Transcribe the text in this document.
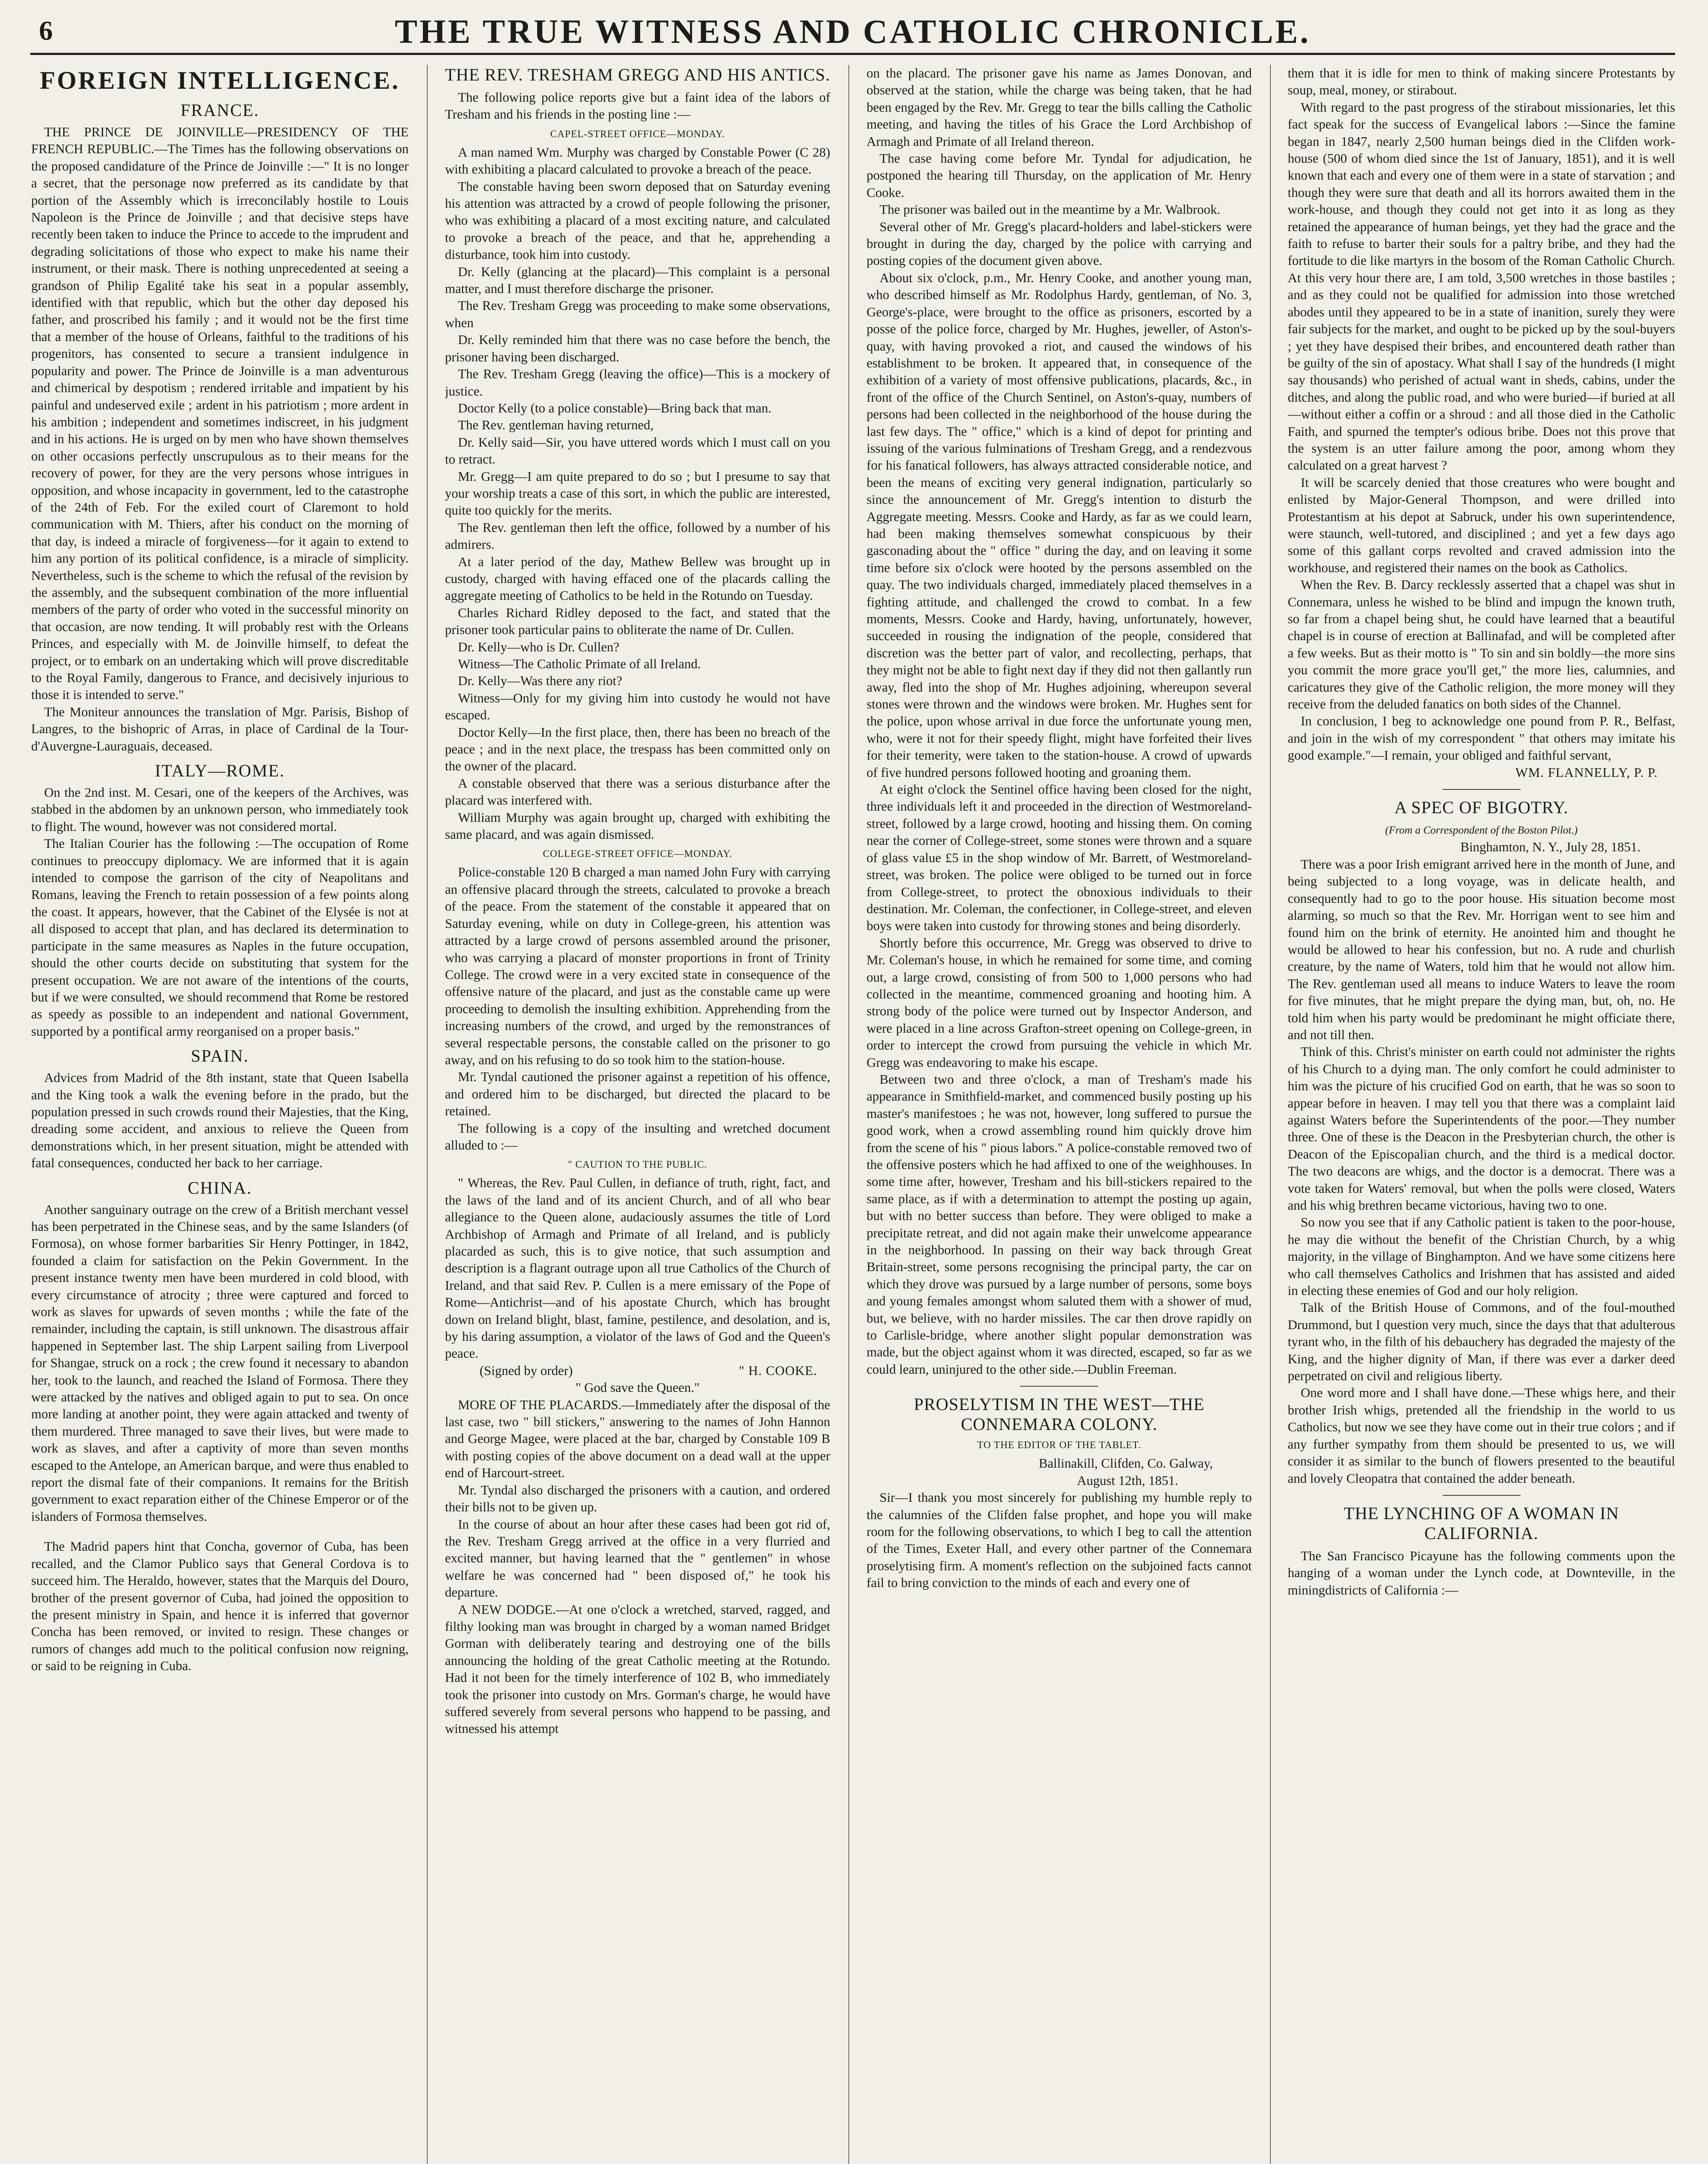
THE TRUE WITNESS AND CATHOLIC CHRONICLE.
6
FOREIGN INTELLIGENCE.
FRANCE.

THE PRINCE DE JOINVILLE—PRESIDENCY OF THE FRENCH REPUBLIC.—The Times has the following observations on the proposed candidature of the Prince de Joinville :—" It is no longer a secret, that the personage now preferred as its candidate by that portion of the Assembly which is irreconcilably hostile to Louis Napoleon is the Prince de Joinville ; and that decisive steps have recently been taken to induce the Prince to accede to the imprudent and degrading solicitations of those who expect to make his name their instrument, or their mask. There is nothing unprecedented at seeing a grandson of Philip Egalité take his seat in a popular assembly, identified with that republic, which but the other day deposed his father, and proscribed his family ; and it would not be the first time that a member of the house of Orleans, faithful to the traditions of his progenitors, has consented to secure a transient indulgence in popularity and power. The Prince de Joinville is a man adventurous and chimerical by despotism ; rendered irritable and impatient by his painful and undeserved exile ; ardent in his patriotism ; more ardent in his ambition ; independent and sometimes indiscreet, in his judgment and in his actions. He is urged on by men who have shown themselves on other occasions perfectly unscrupulous as to their means for the recovery of power, for they are the very persons whose intrigues in opposition, and whose incapacity in government, led to the catastrophe of the 24th of Feb. For the exiled court of Claremont to hold communication with M. Thiers, after his conduct on the morning of that day, is indeed a miracle of forgiveness—for it again to extend to him any portion of its political confidence, is a miracle of simplicity. Nevertheless, such is the scheme to which the refusal of the revision by the assembly, and the subsequent combination of the more influential members of the party of order who voted in the successful minority on that occasion, are now tending. It will probably rest with the Orleans Princes, and especially with M. de Joinville himself, to defeat the project, or to embark on an undertaking which will prove discreditable to the Royal Family, dangerous to France, and decisively injurious to those it is intended to serve."

The Moniteur announces the translation of Mgr. Parisis, Bishop of Langres, to the bishopric of Arras, in place of Cardinal de la Tour-d'Auvergne-Lauraguais, deceased.

ITALY—ROME.

On the 2nd inst. M. Cesari, one of the keepers of the Archives, was stabbed in the abdomen by an unknown person, who immediately took to flight. The wound, however was not considered mortal.

The Italian Courier has the following :—The occupation of Rome continues to preoccupy diplomacy. We are informed that it is again intended to compose the garrison of the city of Neapolitans and Romans, leaving the French to retain possession of a few points along the coast. It appears, however, that the Cabinet of the Elysée is not at all disposed to accept that plan, and has declared its determination to participate in the same measures as Naples in the future occupation, should the other courts decide on substituting that system for the present occupation. We are not aware of the intentions of the courts, but if we were consulted, we should recommend that Rome be restored as speedy as possible to an independent and national Government, supported by a pontifical army reorganised on a proper basis."

SPAIN.

Advices from Madrid of the 8th instant, state that Queen Isabella and the King took a walk the evening before in the prado, but the population pressed in such crowds round their Majesties, that the King, dreading some accident, and anxious to relieve the Queen from demonstrations which, in her present situation, might be attended with fatal consequences, conducted her back to her carriage.

CHINA.

Another sanguinary outrage on the crew of a British merchant vessel has been perpetrated in the Chinese seas, and by the same Islanders (of Formosa), on whose former barbarities Sir Henry Pottinger, in 1842, founded a claim for satisfaction on the Pekin Government. In the present instance twenty men have been murdered in cold blood, with every circumstance of atrocity ; three were captured and forced to work as slaves for upwards of seven months ; while the fate of the remainder, including the captain, is still unknown. The disastrous affair happened in September last. The ship Larpent sailing from Liverpool for Shangae, struck on a rock ; the crew found it necessary to abandon her, took to the launch, and reached the Island of Formosa. There they were attacked by the natives and obliged again to put to sea. On once more landing at another point, they were again attacked and twenty of them murdered. Three managed to save their lives, but were made to work as slaves, and after a captivity of more than seven months escaped to the Antelope, an American barque, and were thus enabled to report the dismal fate of their companions. It remains for the British government to exact reparation either of the Chinese Emperor or of the islanders of Formosa themselves.

The Madrid papers hint that Concha, governor of Cuba, has been recalled, and the Clamor Publico says that General Cordova is to succeed him. The Heraldo, however, states that the Marquis del Douro, brother of the present governor of Cuba, had joined the opposition to the present ministry in Spain, and hence it is inferred that governor Concha has been removed, or invited to resign. These changes or rumors of changes add much to the political confusion now reigning, or said to be reigning in Cuba.

THE REV. TRESHAM GREGG AND HIS ANTICS.

The following police reports give but a faint idea of the labors of Tresham and his friends in the posting line :—

CAPEL-STREET OFFICE—MONDAY.

A man named Wm. Murphy was charged by Constable Power (C 28) with exhibiting a placard calculated to provoke a breach of the peace.

The constable having been sworn deposed that on Saturday evening his attention was attracted by a crowd of people following the prisoner, who was exhibiting a placard of a most exciting nature, and calculated to provoke a breach of the peace, and that he, apprehending a disturbance, took him into custody.

Dr. Kelly (glancing at the placard)—This complaint is a personal matter, and I must therefore discharge the prisoner.

The Rev. Tresham Gregg was proceeding to make some observations, when

Dr. Kelly reminded him that there was no case before the bench, the prisoner having been discharged.

The Rev. Tresham Gregg (leaving the office)—This is a mockery of justice.

Doctor Kelly (to a police constable)—Bring back that man.

The Rev. gentleman having returned,

Dr. Kelly said—Sir, you have uttered words which I must call on you to retract.

Mr. Gregg—I am quite prepared to do so ; but I presume to say that your worship treats a case of this sort, in which the public are interested, quite too quickly for the merits.

The Rev. gentleman then left the office, followed by a number of his admirers.

At a later period of the day, Mathew Bellew was brought up in custody, charged with having effaced one of the placards calling the aggregate meeting of Catholics to be held in the Rotundo on Tuesday.

Charles Richard Ridley deposed to the fact, and stated that the prisoner took particular pains to obliterate the name of Dr. Cullen.

Dr. Kelly—who is Dr. Cullen?

Witness—The Catholic Primate of all Ireland.

Dr. Kelly—Was there any riot?

Witness—Only for my giving him into custody he would not have escaped.

Doctor Kelly—In the first place, then, there has been no breach of the peace ; and in the next place, the trespass has been committed only on the owner of the placard.

A constable observed that there was a serious disturbance after the placard was interfered with.

William Murphy was again brought up, charged with exhibiting the same placard, and was again dismissed.

COLLEGE-STREET OFFICE—MONDAY.

Police-constable 120 B charged a man named John Fury with carrying an offensive placard through the streets, calculated to provoke a breach of the peace. From the statement of the constable it appeared that on Saturday evening, while on duty in College-green, his attention was attracted by a large crowd of persons assembled around the prisoner, who was carrying a placard of monster proportions in front of Trinity College. The crowd were in a very excited state in consequence of the offensive nature of the placard, and just as the constable came up were proceeding to demolish the insulting exhibition. Apprehending from the increasing numbers of the crowd, and urged by the remonstrances of several respectable persons, the constable called on the prisoner to go away, and on his refusing to do so took him to the station-house.

Mr. Tyndal cautioned the prisoner against a repetition of his offence, and ordered him to be discharged, but directed the placard to be retained.

The following is a copy of the insulting and wretched document alluded to :—

" CAUTION TO THE PUBLIC.

" Whereas, the Rev. Paul Cullen, in defiance of truth, right, fact, and the laws of the land and of its ancient Church, and of all who bear allegiance to the Queen alone, audaciously assumes the title of Lord Archbishop of Armagh and Primate of all Ireland, and is publicly placarded as such, this is to give notice, that such assumption and description is a flagrant outrage upon all true Catholics of the Church of Ireland, and that said Rev. P. Cullen is a mere emissary of the Pope of Rome—Antichrist—and of his apostate Church, which has brought down on Ireland blight, blast, famine, pestilence, and desolation, and is, by his daring assumption, a violator of the laws of God and the Queen's peace.

(Signed by order)	" H. COOKE.

" God save the Queen."

MORE OF THE PLACARDS.—Immediately after the disposal of the last case, two " bill stickers," answering to the names of John Hannon and George Magee, were placed at the bar, charged by Constable 109 B with posting copies of the above document on a dead wall at the upper end of Harcourt-street.

Mr. Tyndal also discharged the prisoners with a caution, and ordered their bills not to be given up.

In the course of about an hour after these cases had been got rid of, the Rev. Tresham Gregg arrived at the office in a very flurried and excited manner, but having learned that the " gentlemen" in whose welfare he was concerned had " been disposed of," he took his departure.

A NEW DODGE.—At one o'clock a wretched, starved, ragged, and filthy looking man was brought in charged by a woman named Bridget Gorman with deliberately tearing and destroying one of the bills announcing the holding of the great Catholic meeting at the Rotundo. Had it not been for the timely interference of 102 B, who immediately took the prisoner into custody on Mrs. Gorman's charge, he would have suffered severely from several persons who happend to be passing, and witnessed his attempt

on the placard. The prisoner gave his name as James Donovan, and observed at the station, while the charge was being taken, that he had been engaged by the Rev. Mr. Gregg to tear the bills calling the Catholic meeting, and having the titles of his Grace the Lord Archbishop of Armagh and Primate of all Ireland thereon.

The case having come before Mr. Tyndal for adjudication, he postponed the hearing till Thursday, on the application of Mr. Henry Cooke.

The prisoner was bailed out in the meantime by a Mr. Walbrook.

Several other of Mr. Gregg's placard-holders and label-stickers were brought in during the day, charged by the police with carrying and posting copies of the document given above.

About six o'clock, p.m., Mr. Henry Cooke, and another young man, who described himself as Mr. Rodolphus Hardy, gentleman, of No. 3, George's-place, were brought to the office as prisoners, escorted by a posse of the police force, charged by Mr. Hughes, jeweller, of Aston's-quay, with having provoked a riot, and caused the windows of his establishment to be broken. It appeared that, in consequence of the exhibition of a variety of most offensive publications, placards, &c., in front of the office of the Church Sentinel, on Aston's-quay, numbers of persons had been collected in the neighborhood of the house during the last few days. The " office," which is a kind of depot for printing and issuing of the various fulminations of Tresham Gregg, and a rendezvous for his fanatical followers, has always attracted considerable notice, and been the means of exciting very general indignation, particularly so since the announcement of Mr. Gregg's intention to disturb the Aggregate meeting. Messrs. Cooke and Hardy, as far as we could learn, had been making themselves somewhat conspicuous by their gasconading about the " office " during the day, and on leaving it some time before six o'clock were hooted by the persons assembled on the quay. The two individuals charged, immediately placed themselves in a fighting attitude, and challenged the crowd to combat. In a few moments, Messrs. Cooke and Hardy, having, unfortunately, however, succeeded in rousing the indignation of the people, considered that discretion was the better part of valor, and recollecting, perhaps, that they might not be able to fight next day if they did not then gallantly run away, fled into the shop of Mr. Hughes adjoining, whereupon several stones were thrown and the windows were broken. Mr. Hughes sent for the police, upon whose arrival in due force the unfortunate young men, who, were it not for their speedy flight, might have forfeited their lives for their temerity, were taken to the station-house. A crowd of upwards of five hundred persons followed hooting and groaning them.

At eight o'clock the Sentinel office having been closed for the night, three individuals left it and proceeded in the direction of Westmoreland-street, followed by a large crowd, hooting and hissing them. On coming near the corner of College-street, some stones were thrown and a square of glass value £5 in the shop window of Mr. Barrett, of Westmoreland-street, was broken. The police were obliged to be turned out in force from College-street, to protect the obnoxious individuals to their destination. Mr. Coleman, the confectioner, in College-street, and eleven boys were taken into custody for throwing stones and being disorderly.

Shortly before this occurrence, Mr. Gregg was observed to drive to Mr. Coleman's house, in which he remained for some time, and coming out, a large crowd, consisting of from 500 to 1,000 persons who had collected in the meantime, commenced groaning and hooting him. A strong body of the police were turned out by Inspector Anderson, and were placed in a line across Grafton-street opening on College-green, in order to intercept the crowd from pursuing the vehicle in which Mr. Gregg was endeavoring to make his escape.

Between two and three o'clock, a man of Tresham's made his appearance in Smithfield-market, and commenced busily posting up his master's manifestoes ; he was not, however, long suffered to pursue the good work, when a crowd assembling round him quickly drove him from the scene of his " pious labors." A police-constable removed two of the offensive posters which he had affixed to one of the weighhouses. In some time after, however, Tresham and his bill-stickers repaired to the same place, as if with a determination to attempt the posting up again, but with no better success than before. They were obliged to make a precipitate retreat, and did not again make their unwelcome appearance in the neighborhood. In passing on their way back through Great Britain-street, some persons recognising the principal party, the car on which they drove was pursued by a large number of persons, some boys and young females amongst whom saluted them with a shower of mud, but, we believe, with no harder missiles. The car then drove rapidly on to Carlisle-bridge, where another slight popular demonstration was made, but the object against whom it was directed, escaped, so far as we could learn, uninjured to the other side.—Dublin Freeman.

PROSELYTISM IN THE WEST—THE CONNEMARA COLONY.
TO THE EDITOR OF THE TABLET.

Ballinakill, Clifden, Co. Galway,

August 12th, 1851.

Sir—I thank you most sincerely for publishing my humble reply to the calumnies of the Clifden false prophet, and hope you will make room for the following observations, to which I beg to call the attention of the Times, Exeter Hall, and every other partner of the Connemara proselytising firm. A moment's reflection on the subjoined facts cannot fail to bring conviction to the minds of each and every one of

them that it is idle for men to think of making sincere Protestants by soup, meal, money, or stirabout.

With regard to the past progress of the stirabout missionaries, let this fact speak for the success of Evangelical labors :—Since the famine began in 1847, nearly 2,500 human beings died in the Clifden work-house (500 of whom died since the 1st of January, 1851), and it is well known that each and every one of them were in a state of starvation ; and though they were sure that death and all its horrors awaited them in the work-house, and though they could not get into it as long as they retained the appearance of human beings, yet they had the grace and the faith to refuse to barter their souls for a paltry bribe, and they had the fortitude to die like martyrs in the bosom of the Roman Catholic Church. At this very hour there are, I am told, 3,500 wretches in those bastiles ; and as they could not be qualified for admission into those wretched abodes until they appeared to be in a state of inanition, surely they were fair subjects for the market, and ought to be picked up by the soul-buyers ; yet they have despised their bribes, and encountered death rather than be guilty of the sin of apostacy. What shall I say of the hundreds (I might say thousands) who perished of actual want in sheds, cabins, under the ditches, and along the public road, and who were buried—if buried at all—without either a coffin or a shroud : and all those died in the Catholic Faith, and spurned the tempter's odious bribe. Does not this prove that the system is an utter failure among the poor, among whom they calculated on a great harvest ?

It will be scarcely denied that those creatures who were bought and enlisted by Major-General Thompson, and were drilled into Protestantism at his depot at Sabruck, under his own superintendence, were staunch, well-tutored, and disciplined ; and yet a few days ago some of this gallant corps revolted and craved admission into the workhouse, and registered their names on the book as Catholics.

When the Rev. B. Darcy recklessly asserted that a chapel was shut in Connemara, unless he wished to be blind and impugn the known truth, so far from a chapel being shut, he could have learned that a beautiful chapel is in course of erection at Ballinafad, and will be completed after a few weeks. But as their motto is " To sin and sin boldly—the more sins you commit the more grace you'll get," the more lies, calumnies, and caricatures they give of the Catholic religion, the more money will they receive from the deluded fanatics on both sides of the Channel.

In conclusion, I beg to acknowledge one pound from P. R., Belfast, and join in the wish of my correspondent " that others may imitate his good example."—I remain, your obliged and faithful servant,

WM. FLANNELLY, P. P.

A SPEC OF BIGOTRY.

(From a Correspondent of the Boston Pilot.)

Binghamton, N. Y., July 28, 1851.

There was a poor Irish emigrant arrived here in the month of June, and being subjected to a long voyage, was in delicate health, and consequently had to go to the poor house. His situation become most alarming, so much so that the Rev. Mr. Horrigan went to see him and found him on the brink of eternity. He anointed him and thought he would be allowed to hear his confession, but no. A rude and churlish creature, by the name of Waters, told him that he would not allow him. The Rev. gentleman used all means to induce Waters to leave the room for five minutes, that he might prepare the dying man, but, oh, no. He told him when his party would be predominant he might officiate there, and not till then.

Think of this. Christ's minister on earth could not administer the rights of his Church to a dying man. The only comfort he could administer to him was the picture of his crucified God on earth, that he was so soon to appear before in heaven. I may tell you that there was a complaint laid against Waters before the Superintendents of the poor.—They number three. One of these is the Deacon in the Presbyterian church, the other is Deacon of the Episcopalian church, and the third is a medical doctor. The two deacons are whigs, and the doctor is a democrat. There was a vote taken for Waters' removal, but when the polls were closed, Waters and his whig brethren became victorious, having two to one.

So now you see that if any Catholic patient is taken to the poor-house, he may die without the benefit of the Christian Church, by a whig majority, in the village of Binghampton. And we have some citizens here who call themselves Catholics and Irishmen that has assisted and aided in electing these enemies of God and our holy religion.

Talk of the British House of Commons, and of the foul-mouthed Drummond, but I question very much, since the days that that adulterous tyrant who, in the filth of his debauchery has degraded the majesty of the King, and the higher dignity of Man, if there was ever a darker deed perpetrated on civil and religious liberty.

One word more and I shall have done.—These whigs here, and their brother Irish whigs, pretended all the friendship in the world to us Catholics, but now we see they have come out in their true colors ; and if any further sympathy from them should be presented to us, we will consider it as similar to the bunch of flowers presented to the beautiful and lovely Cleopatra that contained the adder beneath.

THE LYNCHING OF A WOMAN IN CALIFORNIA.

The San Francisco Picayune has the following comments upon the hanging of a woman under the Lynch code, at Downteville, in the miningdistricts of California :—
